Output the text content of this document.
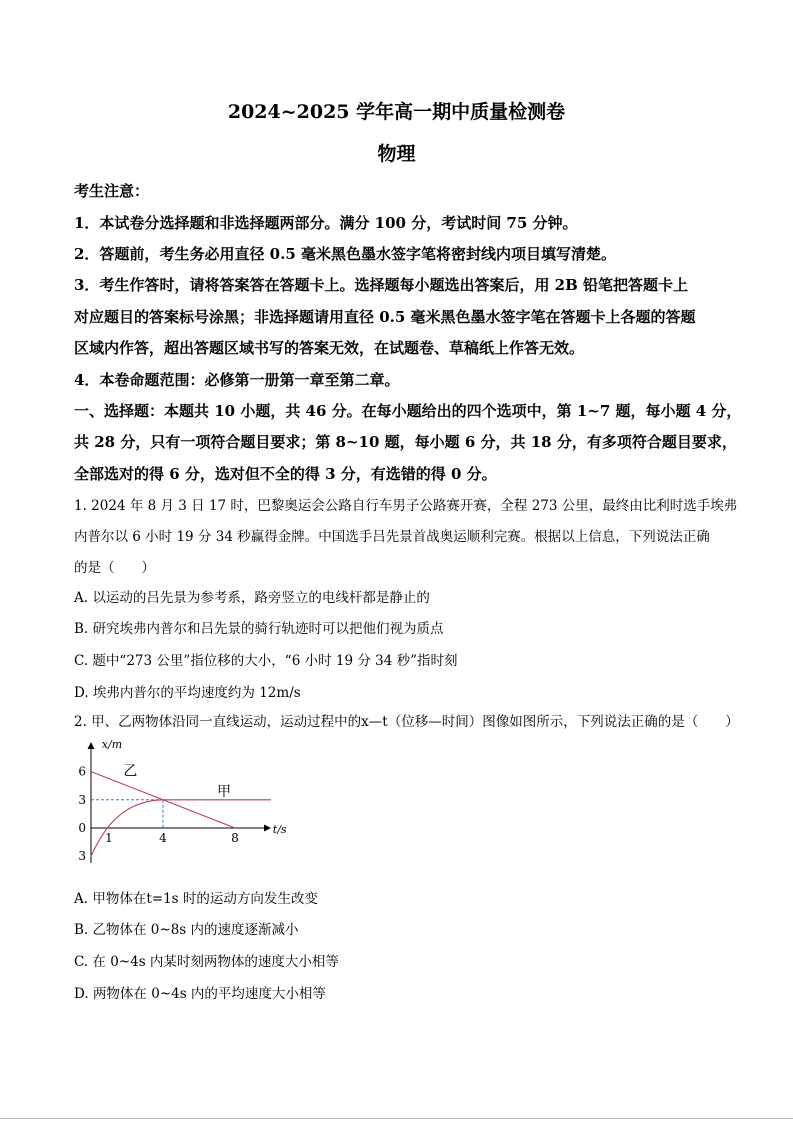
2024~2025 学年高一期中质量检测卷
物理
考生注意：
1．本试卷分选择题和非选择题两部分。满分 100 分，考试时间 75 分钟。
2．答题前，考生务必用直径 0.5 毫米黑色墨水签字笔将密封线内项目填写清楚。
3．考生作答时，请将答案答在答题卡上。选择题每小题选出答案后，用 2B 铅笔把答题卡上
对应题目的答案标号涂黑；非选择题请用直径 0.5 毫米黑色墨水签字笔在答题卡上各题的答题
区域内作答，超出答题区域书写的答案无效，在试题卷、草稿纸上作答无效。
4．本卷命题范围：必修第一册第一章至第二章。
一、选择题：本题共 10 小题，共 46 分。在每小题给出的四个选项中，第 1~7 题，每小题 4 分，
共 28 分，只有一项符合题目要求；第 8~10 题，每小题 6 分，共 18 分，有多项符合题目要求，
全部选对的得 6 分，选对但不全的得 3 分，有选错的得 0 分。
1. 2024 年 8 月 3 日 17 时，巴黎奥运会公路自行车男子公路赛开赛，全程 273 公里，最终由比利时选手埃弗
内普尔以 6 小时 19 分 34 秒赢得金牌。中国选手吕先景首战奥运顺利完赛。根据以上信息，下列说法正确
的是（　　）
A. 以运动的吕先景为参考系，路旁竖立的电线杆都是静止的
B. 研究埃弗内普尔和吕先景的骑行轨迹时可以把他们视为质点
C. 题中“273 公里”指位移的大小，“6 小时 19 分 34 秒”指时刻
D. 埃弗内普尔的平均速度约为 12m/s
2. 甲、乙两物体沿同一直线运动，运动过程中的x—t（位移—时间）图像如图所示，下列说法正确的是（　　）
乙
甲
x/m
t/s
6
3
0
3
1	4	8
A. 甲物体在t=1s 时的运动方向发生改变
B. 乙物体在 0~8s 内的速度逐渐减小
C. 在 0~4s 内某时刻两物体的速度大小相等
D. 两物体在 0~4s 内的平均速度大小相等
